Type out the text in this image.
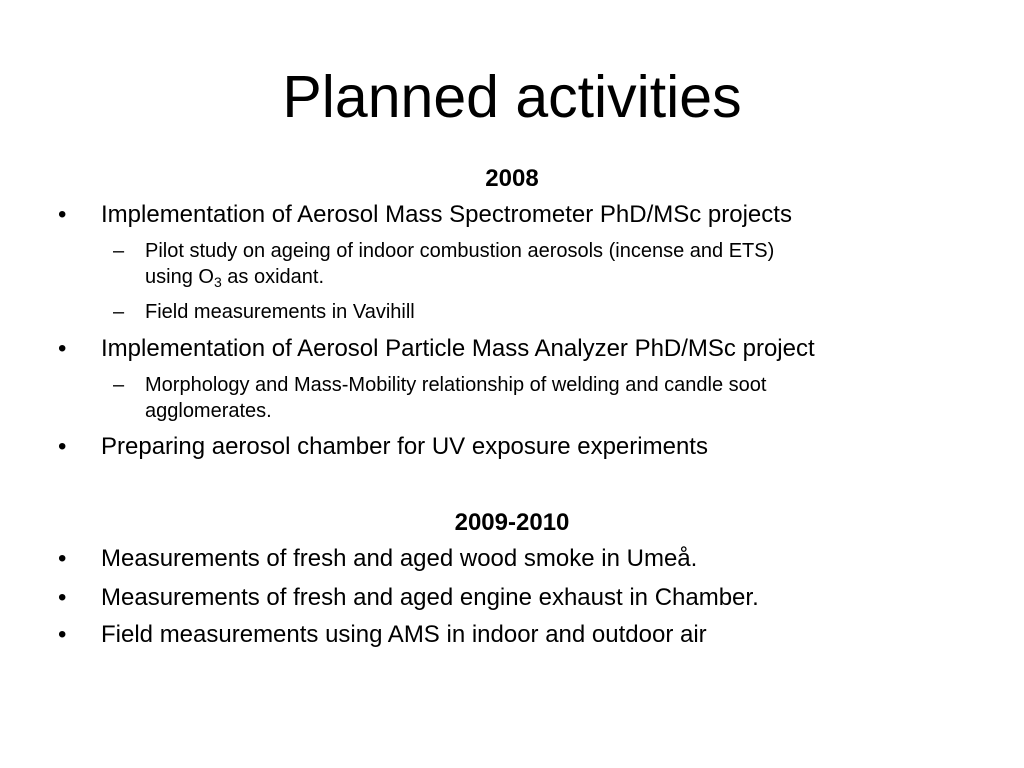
Planned activities
2008
• Implementation of Aerosol Mass Spectrometer PhD/MSc projects
– Pilot study on ageing of indoor combustion aerosols (incense and ETS)
using $O_3$ as oxidant.
– Field measurements in Vavihill
• Implementation of Aerosol Particle Mass Analyzer PhD/MSc project
– Morphology and Mass-Mobility relationship of welding and candle soot
agglomerates.
• Preparing aerosol chamber for UV exposure experiments
2009-2010
• Measurements of fresh and aged wood smoke in Umeå.
• Measurements of fresh and aged engine exhaust in Chamber.
• Field measurements using AMS in indoor and outdoor air
